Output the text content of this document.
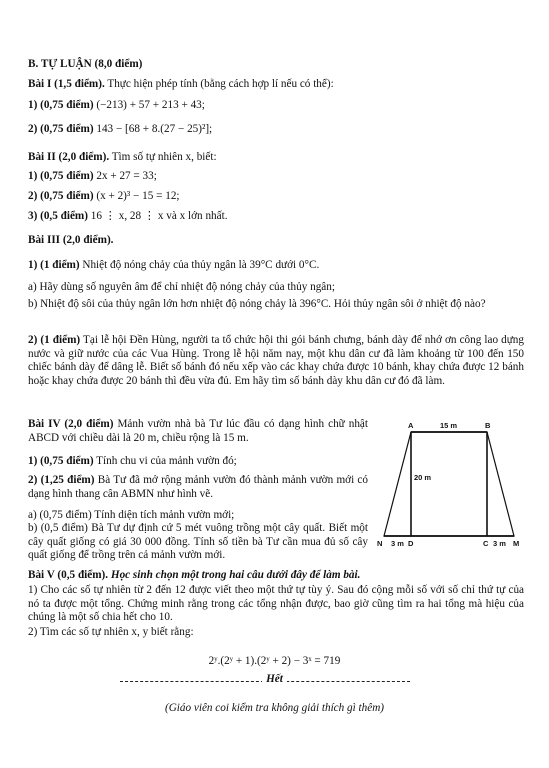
B. TỰ LUẬN (8,0 điểm)
Bài I (1,5 điểm). Thực hiện phép tính (bằng cách hợp lí nếu có thể):
1) (0,75 điểm) (−213) + 57 + 213 + 43;
2) (0,75 điểm) 143 − [68 + 8.(27 − 25)²];
Bài II (2,0 điểm). Tìm số tự nhiên x, biết:
1) (0,75 điểm) 2x + 27 = 33;
2) (0,75 điểm) (x + 2)³ − 15 = 12;
3) (0,5 điểm) 16 ⋮ x, 28 ⋮ x và x lớn nhất.
Bài III (2,0 điểm).
1) (1 điểm) Nhiệt độ nóng chảy của thủy ngân là 39°C dưới 0°C.
a) Hãy dùng số nguyên âm để chỉ nhiệt độ nóng chảy của thủy ngân;
b) Nhiệt độ sôi của thủy ngân lớn hơn nhiệt độ nóng chảy là 396°C. Hỏi thủy ngân sôi ở nhiệt độ nào?
2) (1 điểm) Tại lễ hội Đền Hùng, người ta tổ chức hội thi gói bánh chưng, bánh dày để nhớ ơn công lao dựng nước và giữ nước của các Vua Hùng. Trong lễ hội năm nay, một khu dân cư đã làm khoảng từ 100 đến 150 chiếc bánh dày để dâng lễ. Biết số bánh đó nếu xếp vào các khay chứa được 10 bánh, khay chứa được 12 bánh hoặc khay chứa được 20 bánh thì đều vừa đủ. Em hãy tìm số bánh dày khu dân cư đó đã làm.
Bài IV (2,0 điểm) Mảnh vườn nhà bà Tư lúc đầu có dạng hình chữ nhật ABCD với chiều dài là 20 m, chiều rộng là 15 m.
1) (0,75 điểm) Tính chu vi của mảnh vườn đó;
2) (1,25 điểm) Bà Tư đã mở rộng mảnh vườn đó thành mảnh vườn mới có dạng hình thang cân ABMN như hình vẽ.
a) (0,75 điểm) Tính diện tích mảnh vườn mới;
b) (0,5 điểm) Bà Tư dự định cứ 5 mét vuông trồng một cây quất. Biết một cây quất giống có giá 30 000 đồng. Tính số tiền bà Tư cần mua đủ số cây quất giống để trồng trên cả mảnh vườn mới.
A	B
15 m
20 m
N 3 m D	C 3 m M
Bài V (0,5 điểm). Học sinh chọn một trong hai câu dưới đây để làm bài.
1) Cho các số tự nhiên từ 2 đến 12 được viết theo một thứ tự tùy ý. Sau đó cộng mỗi số với số chỉ thứ tự của nó ta được một tổng. Chứng minh rằng trong các tổng nhận được, bao giờ cũng tìm ra hai tổng mà hiệu của chúng là một số chia hết cho 10.
2) Tìm các số tự nhiên x, y biết rằng:
2ʸ.(2ʸ + 1).(2ʸ + 2) − 3ˣ = 719
Hết
(Giáo viên coi kiểm tra không giải thích gì thêm)
